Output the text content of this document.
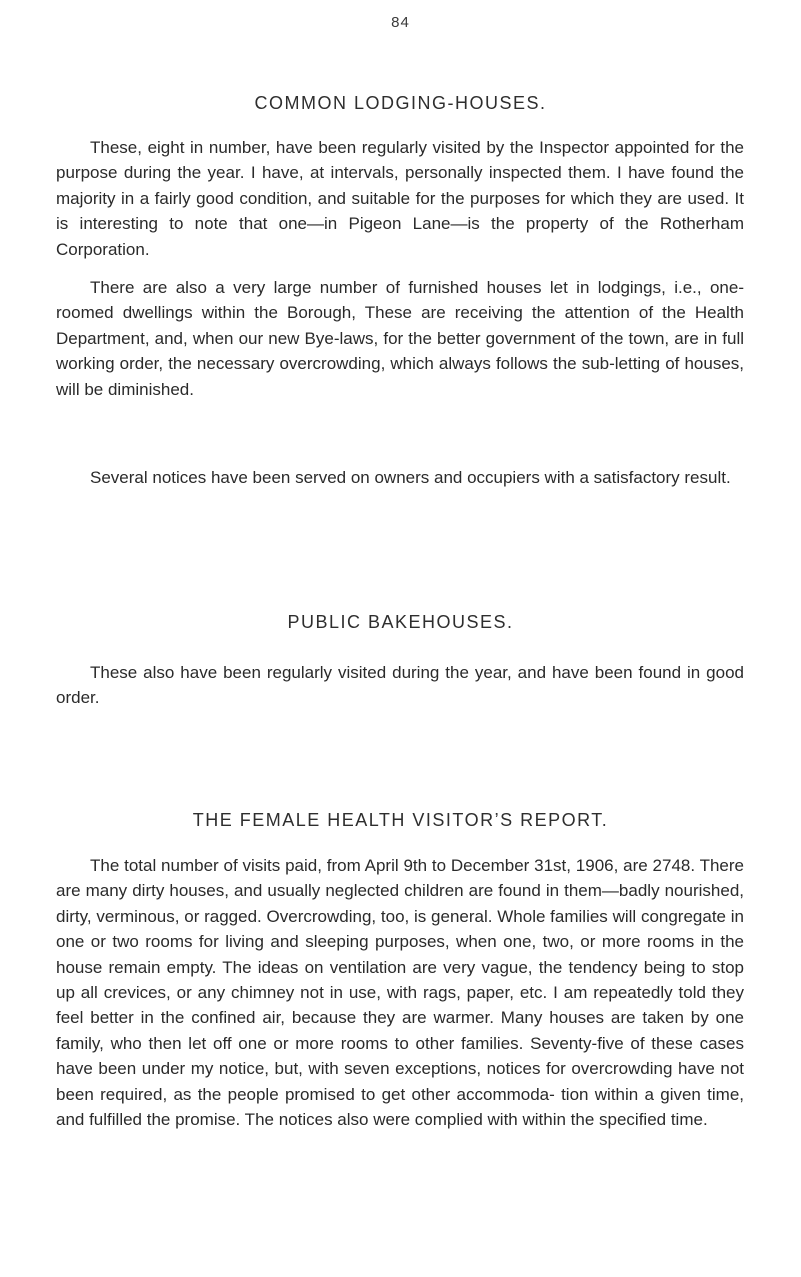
84
COMMON LODGING-HOUSES.

These, eight in number, have been regularly visited by the Inspector appointed for the purpose during the year. I have, at intervals, personally inspected them. I have found the majority in a fairly good condition, and suitable for the purposes for which they are used. It is interesting to note that one—in Pigeon Lane—is the property of the Rotherham Corporation.

There are also a very large number of furnished houses let in lodgings, i.e., one-roomed dwellings within the Borough, These are receiving the attention of the Health Department, and, when our new Bye-laws, for the better government of the town, are in full working order, the necessary overcrowding, which always follows the sub-letting of houses, will be diminished.

Several notices have been served on owners and occupiers with a satisfactory result.

PUBLIC BAKEHOUSES.

These also have been regularly visited during the year, and have been found in good order.

THE FEMALE HEALTH VISITOR’S REPORT.

The total number of visits paid, from April 9th to December 31st, 1906, are 2748. There are many dirty houses, and usually neglected children are found in them—badly nourished, dirty, verminous, or ragged. Overcrowding, too, is general. Whole families will congregate in one or two rooms for living and sleeping purposes, when one, two, or more rooms in the house remain empty. The ideas on ventilation are very vague, the tendency being to stop up all crevices, or any chimney not in use, with rags, paper, etc. I am repeatedly told they feel better in the confined air, because they are warmer. Many houses are taken by one family, who then let off one or more rooms to other families. Seventy-five of these cases have been under my notice, but, with seven exceptions, notices for overcrowding have not been required, as the people promised to get other accommoda- tion within a given time, and fulfilled the promise. The notices also were complied with within the specified time.
